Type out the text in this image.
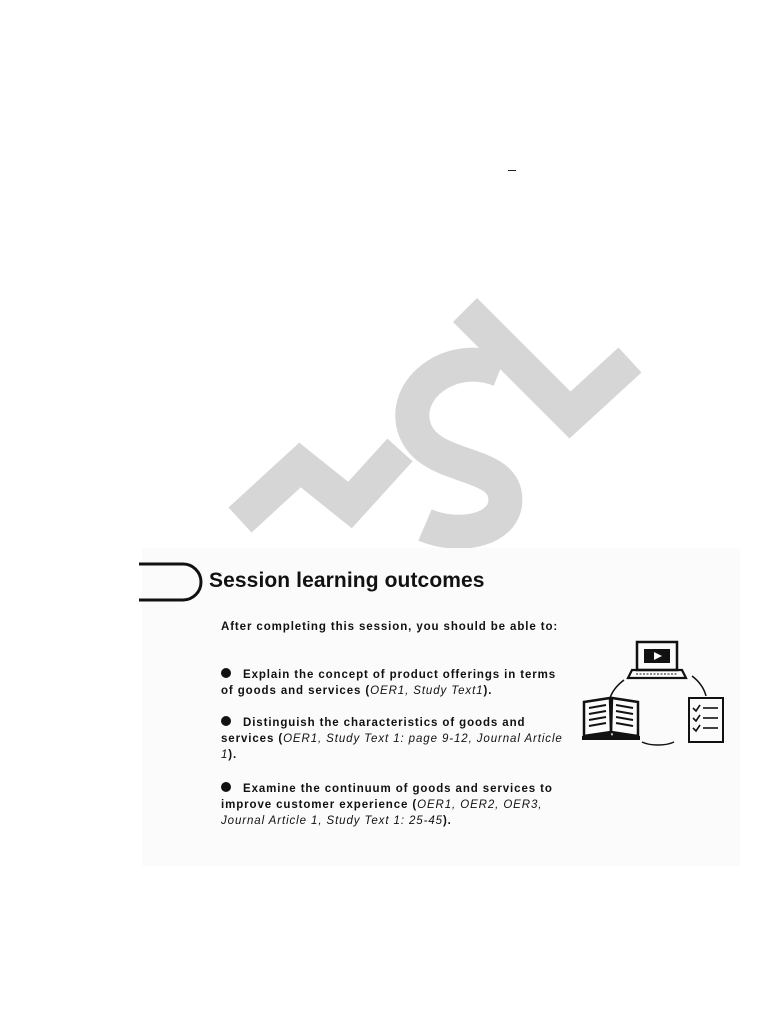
Session learning outcomes

After completing this session, you should be able to:

Explain the concept of product offerings in terms of goods and services (OER1, Study Text1).

Distinguish the characteristics of goods and services (OER1, Study Text 1: page 9-12, Journal Article 1).

Examine the continuum of goods and services to improve customer experience (OER1, OER2, OER3, Journal Article 1, Study Text 1: 25-45).
